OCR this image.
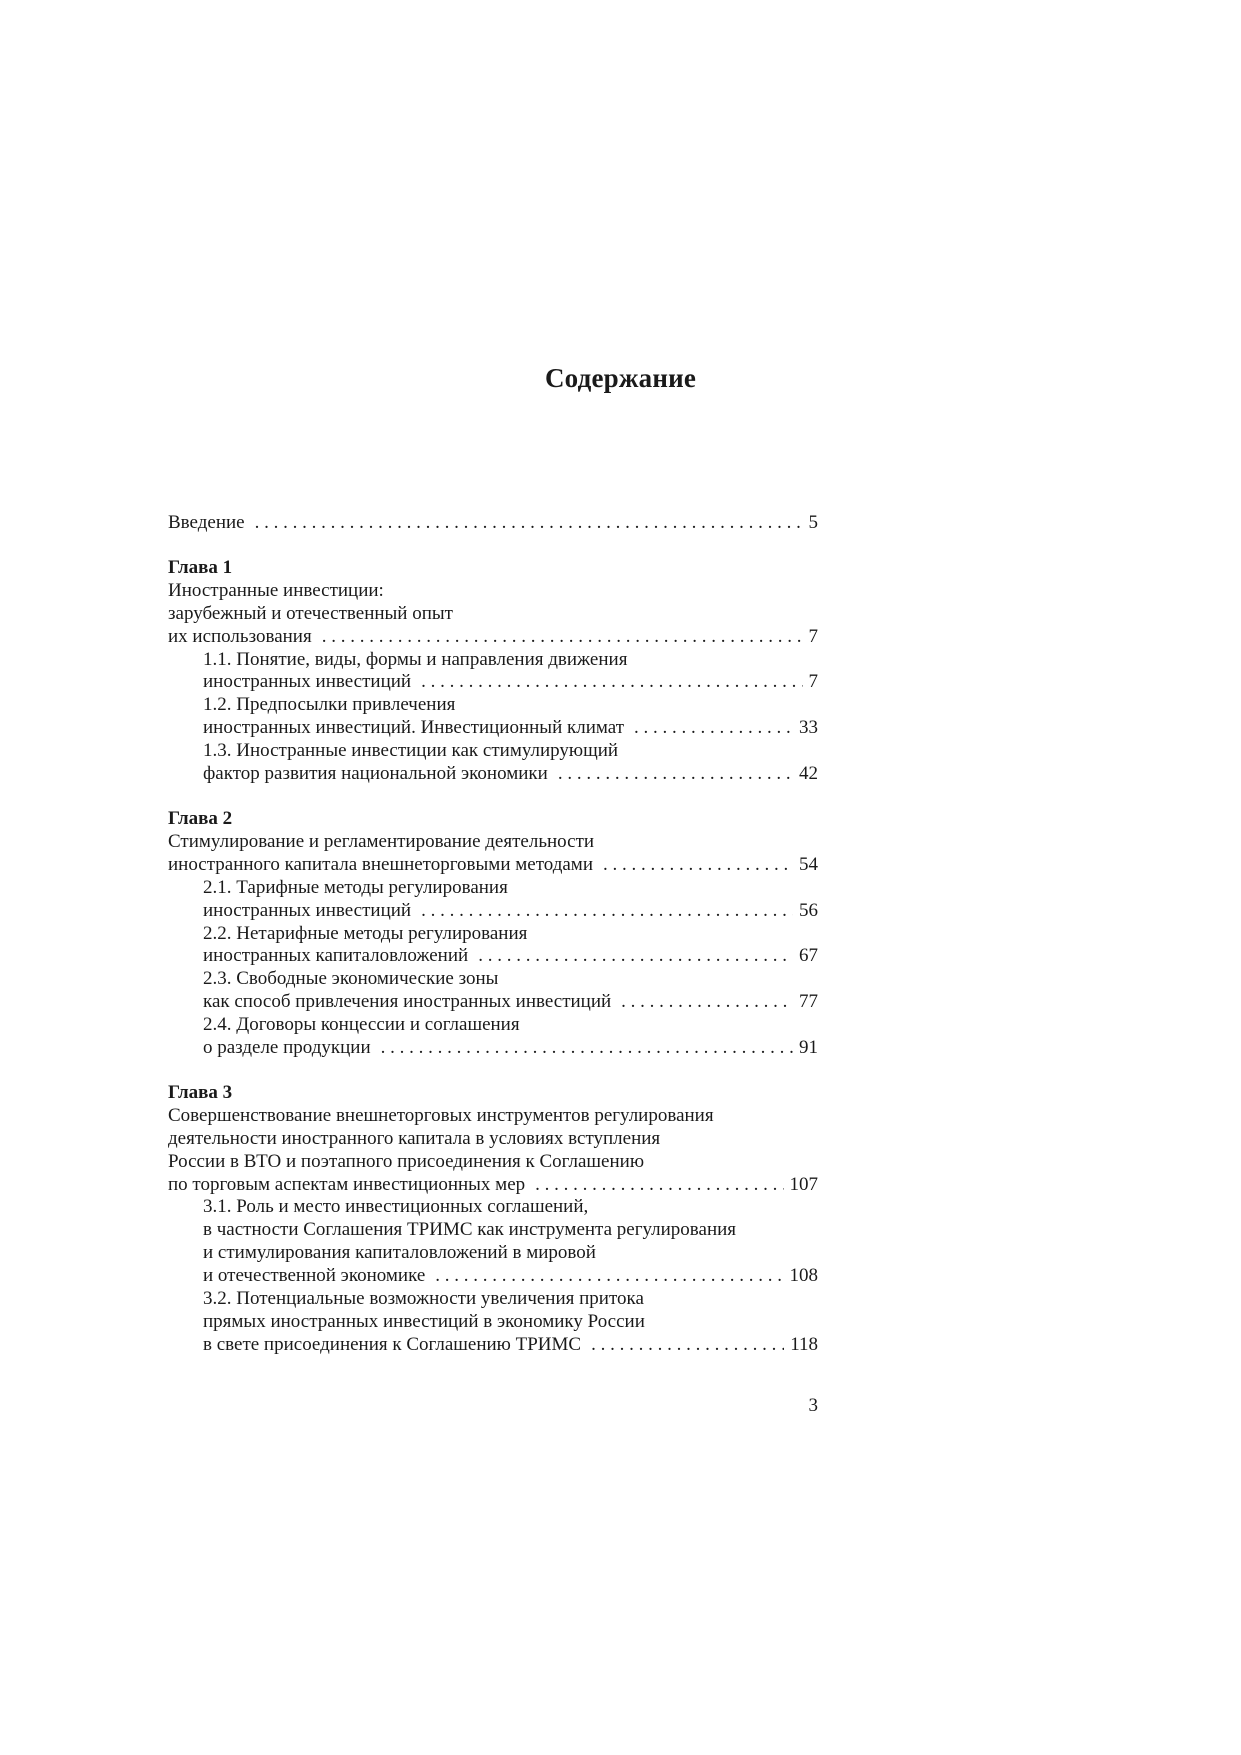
Содержание
Введение . . .	5
Глава 1
Иностранные инвестиции:
зарубежный и отечественный опыт
их использования . . .	7
1.1. Понятие, виды, формы и направления движения
иностранных инвестиций . . .	7
1.2. Предпосылки привлечения
иностранных инвестиций. Инвестиционный климат . . .	33
1.3. Иностранные инвестиции как стимулирующий
фактор развития национальной экономики . . .	42
Глава 2
Стимулирование и регламентирование деятельности
иностранного капитала внешнеторговыми методами . . .	54
2.1. Тарифные методы регулирования
иностранных инвестиций . . .	56
2.2. Нетарифные методы регулирования
иностранных капиталовложений . . .	67
2.3. Свободные экономические зоны
как способ привлечения иностранных инвестиций . . .	77
2.4. Договоры концессии и соглашения
о разделе продукции . . .	91
Глава 3
Совершенствование внешнеторговых инструментов регулирования
деятельности иностранного капитала в условиях вступления
России в ВТО и поэтапного присоединения к Соглашению
по торговым аспектам инвестиционных мер . . .	107
3.1. Роль и место инвестиционных соглашений,
в частности Соглашения ТРИМС как инструмента регулирования
и стимулирования капиталовложений в мировой
и отечественной экономике . . .	108
3.2. Потенциальные возможности увеличения притока
прямых иностранных инвестиций в экономику России
в свете присоединения к Соглашению ТРИМС . . .	118
3
